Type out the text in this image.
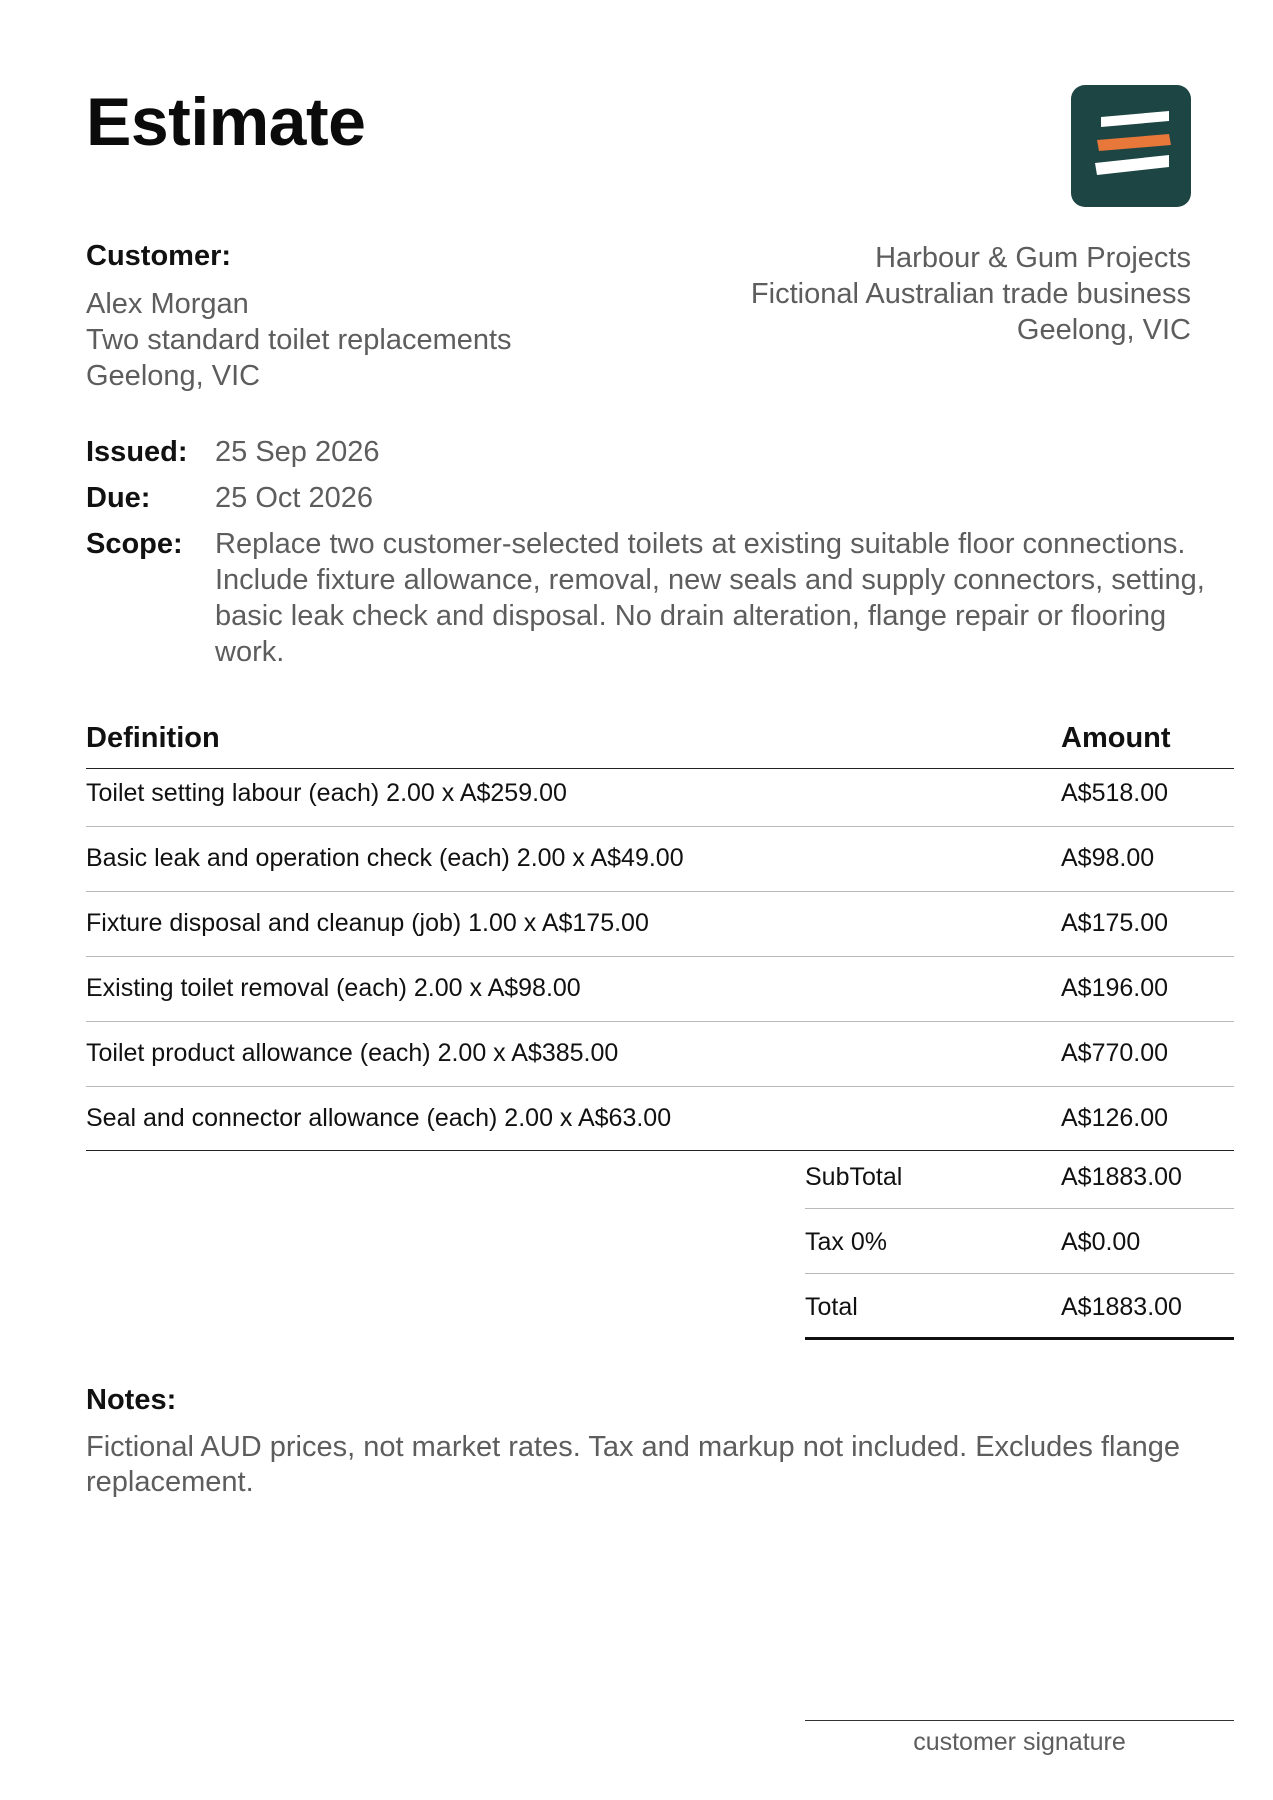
Estimate
Customer:
Alex Morgan
Two standard toilet replacements
Geelong, VIC
Harbour & Gum Projects
Fictional Australian trade business
Geelong, VIC
Issued: 25 Sep 2026
Due: 25 Oct 2026
Scope: Replace two customer-selected toilets at existing suitable floor connections. Include fixture allowance, removal, new seals and supply connectors, setting, basic leak check and disposal. No drain alteration, flange repair or flooring work.
Definition	Amount
Toilet setting labour (each) 2.00 x A$259.00	A$518.00
Basic leak and operation check (each) 2.00 x A$49.00	A$98.00
Fixture disposal and cleanup (job) 1.00 x A$175.00	A$175.00
Existing toilet removal (each) 2.00 x A$98.00	A$196.00
Toilet product allowance (each) 2.00 x A$385.00	A$770.00
Seal and connector allowance (each) 2.00 x A$63.00	A$126.00
SubTotal	A$1883.00
Tax 0%	A$0.00
Total	A$1883.00
Notes:
Fictional AUD prices, not market rates. Tax and markup not included. Excludes flange replacement.
customer signature
